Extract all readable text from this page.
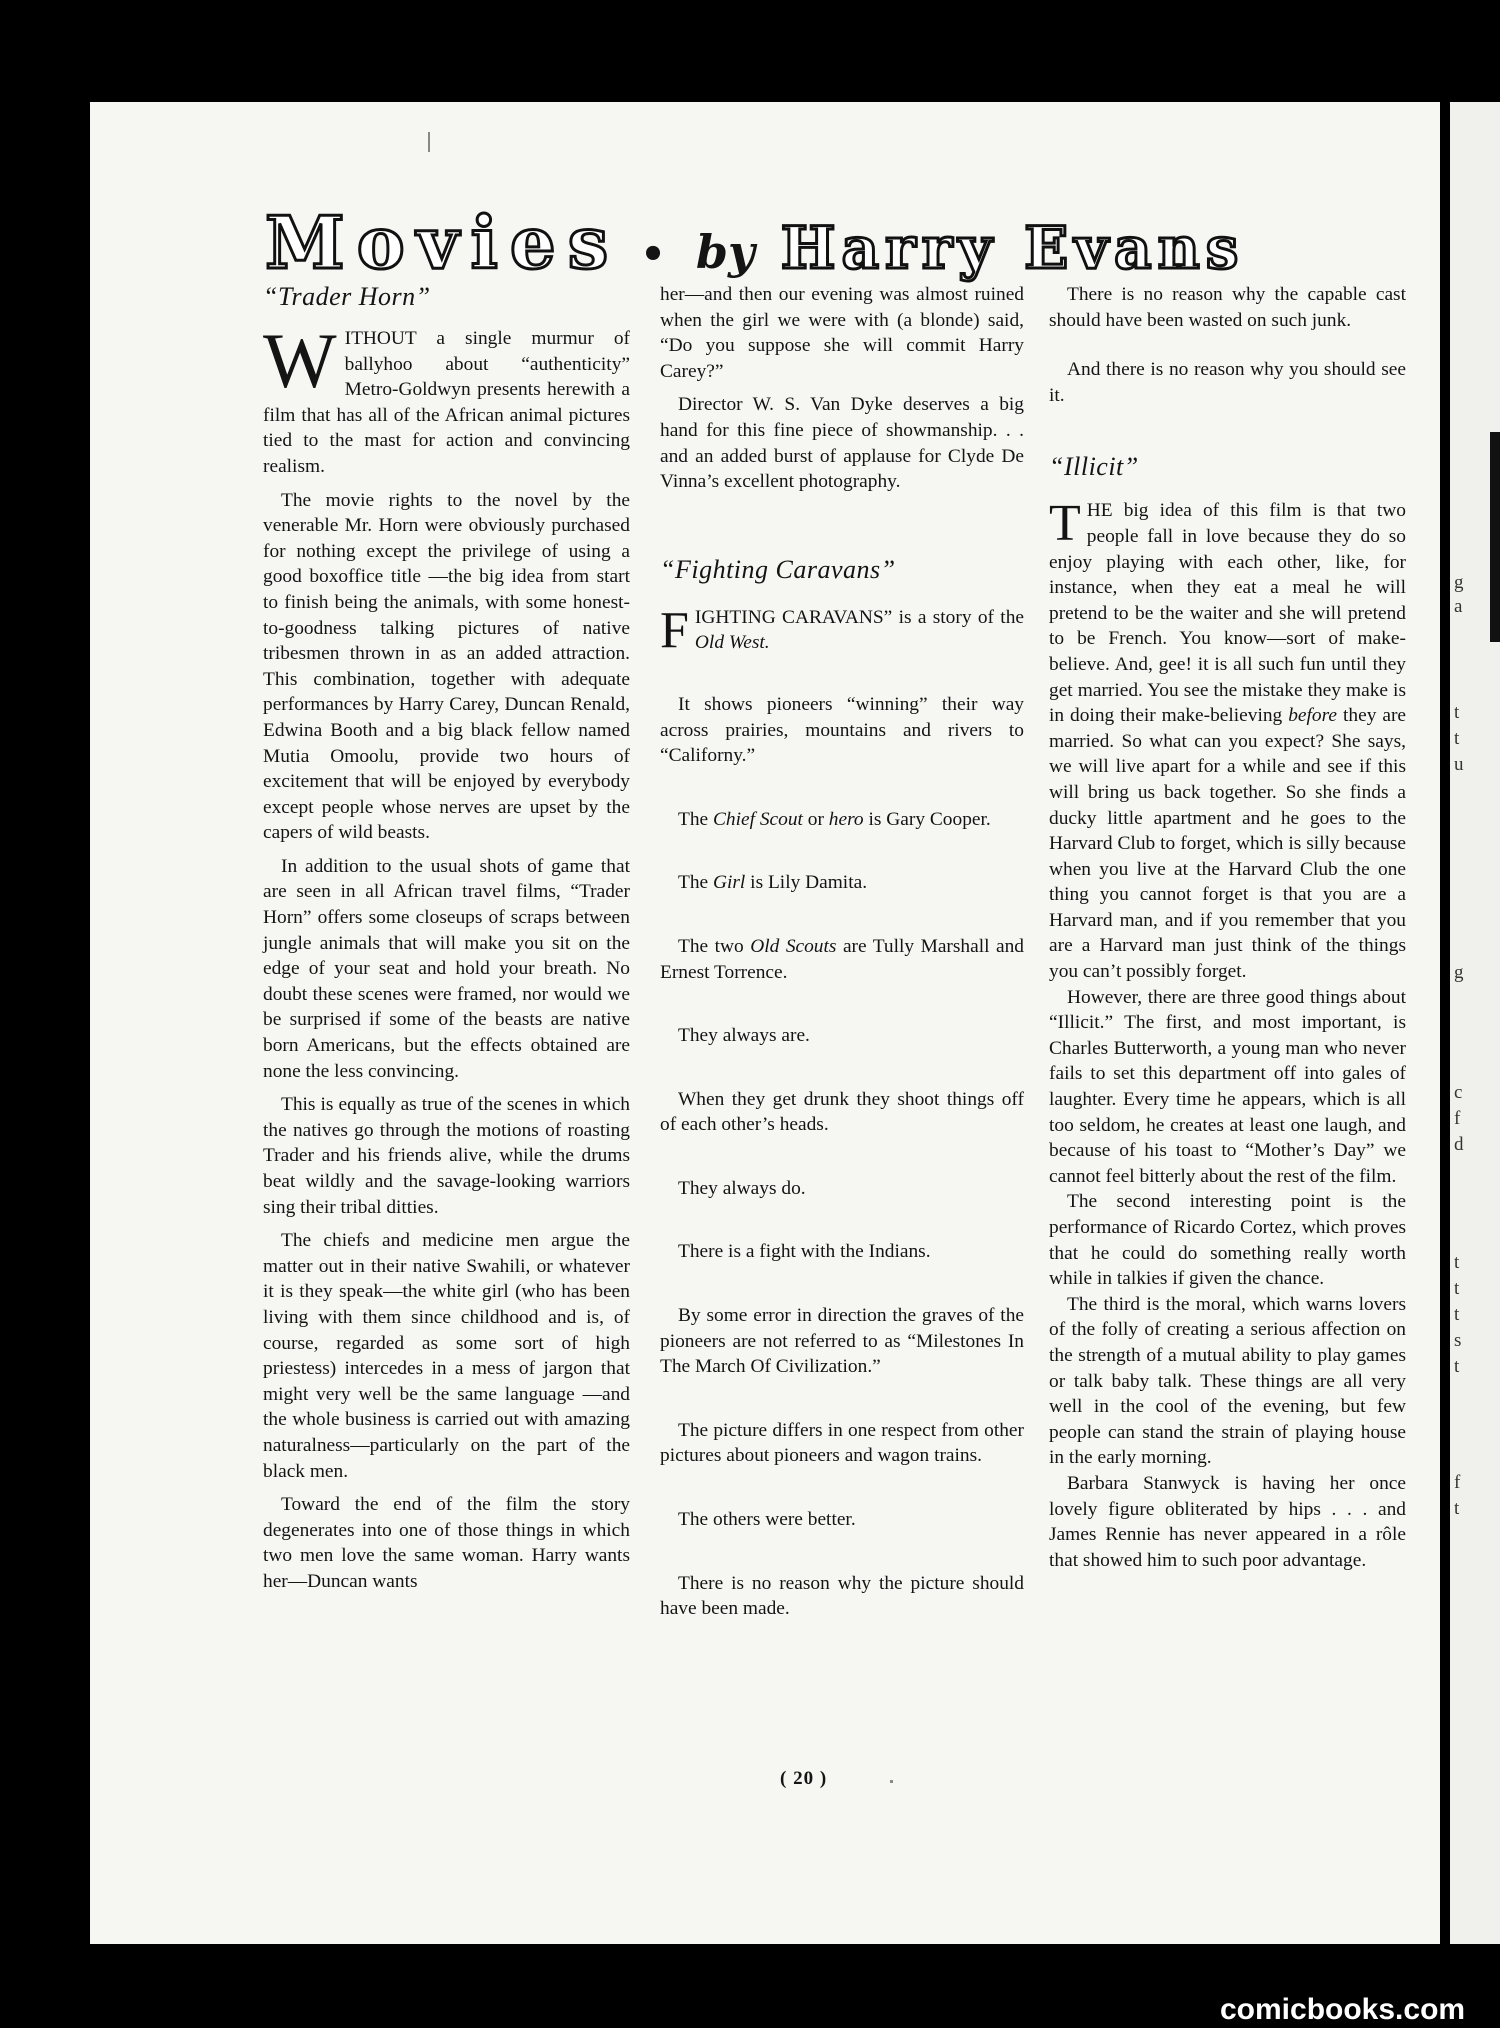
Movies • by Harry Evans
( 20 )

“Trader Horn”

WITHOUT a single murmur of ballyhoo about “authenticity” Metro-Goldwyn presents herewith a film that has all of the African animal pictures tied to the mast for action and convincing realism.

The movie rights to the novel by the venerable Mr. Horn were obviously purchased for nothing except the privilege of using a good boxoffice title —the big idea from start to finish being the animals, with some honest-to-goodness talking pictures of native tribesmen thrown in as an added attraction. This combination, together with adequate performances by Harry Carey, Duncan Renald, Edwina Booth and a big black fellow named Mutia Omoolu, provide two hours of excitement that will be enjoyed by everybody except people whose nerves are upset by the capers of wild beasts.

In addition to the usual shots of game that are seen in all African travel films, “Trader Horn” offers some closeups of scraps between jungle animals that will make you sit on the edge of your seat and hold your breath. No doubt these scenes were framed, nor would we be surprised if some of the beasts are native born Americans, but the effects obtained are none the less convincing.

This is equally as true of the scenes in which the natives go through the motions of roasting Trader and his friends alive, while the drums beat wildly and the savage-looking warriors sing their tribal ditties.

The chiefs and medicine men argue the matter out in their native Swahili, or whatever it is they speak—the white girl (who has been living with them since childhood and is, of course, regarded as some sort of high priestess) intercedes in a mess of jargon that might very well be the same language —and the whole business is carried out with amazing naturalness—particularly on the part of the black men.

Toward the end of the film the story degenerates into one of those things in which two men love the same woman. Harry wants her—Duncan wants

her—and then our evening was almost ruined when the girl we were with (a blonde) said, “Do you suppose she will commit Harry Carey?”

Director W. S. Van Dyke deserves a big hand for this fine piece of showmanship. . . and an added burst of applause for Clyde De Vinna’s excellent photography.

“Fighting Caravans”

FIGHTING CARAVANS” is a story of the Old West.

It shows pioneers “winning” their way across prairies, mountains and rivers to “Californy.”

The Chief Scout or hero is Gary Cooper.

The Girl is Lily Damita.

The two Old Scouts are Tully Marshall and Ernest Torrence.

They always are.

When they get drunk they shoot things off of each other’s heads.

They always do.

There is a fight with the Indians.

By some error in direction the graves of the pioneers are not referred to as “Milestones In The March Of Civilization.”

The picture differs in one respect from other pictures about pioneers and wagon trains.

The others were better.

There is no reason why the picture should have been made.

There is no reason why the capable cast should have been wasted on such junk.

And there is no reason why you should see it.

“Illicit”

THE big idea of this film is that two people fall in love because they do so enjoy playing with each other, like, for instance, when they eat a meal he will pretend to be the waiter and she will pretend to be French. You know—sort of make-believe. And, gee! it is all such fun until they get married. You see the mistake they make is in doing their make-believing before they are married. So what can you expect? She says, we will live apart for a while and see if this will bring us back together. So she finds a ducky little apartment and he goes to the Harvard Club to forget, which is silly because when you live at the Harvard Club the one thing you cannot forget is that you are a Harvard man, and if you remember that you are a Harvard man just think of the things you can’t possibly forget.

However, there are three good things about “Illicit.” The first, and most important, is Charles Butterworth, a young man who never fails to set this department off into gales of laughter. Every time he appears, which is all too seldom, he creates at least one laugh, and because of his toast to “Mother’s Day” we cannot feel bitterly about the rest of the film.

The second interesting point is the performance of Ricardo Cortez, which proves that he could do something really worth while in talkies if given the chance.

The third is the moral, which warns lovers of the folly of creating a serious affection on the strength of a mutual ability to play games or talk baby talk. These things are all very well in the cool of the evening, but few people can stand the strain of playing house in the early morning.

Barbara Stanwyck is having her once lovely figure obliterated by hips . . . and James Rennie has never appeared in a rôle that showed him to such poor advantage.

g
a
t
t
u
g
c
f
d
t
t
t
s
t
f
t
comicbooks.com
